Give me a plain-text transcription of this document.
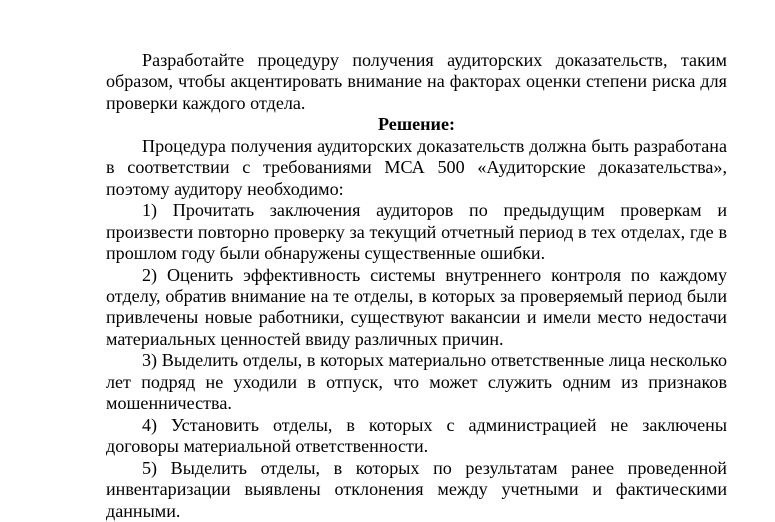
Разработайте процедуру получения аудиторских доказательств, таким образом, чтобы акцентировать внимание на факторах оценки степени риска для проверки каждого отдела.

Решение:

Процедура получения аудиторских доказательств должна быть разработана в соответствии с требованиями МСА 500 «Аудиторские доказательства», поэтому аудитору необходимо:

1) Прочитать заключения аудиторов по предыдущим проверкам и произвести повторно проверку за текущий отчетный период в тех отделах, где в прошлом году были обнаружены существенные ошибки.

2) Оценить эффективность системы внутреннего контроля по каждому отделу, обратив внимание на те отделы, в которых за проверяемый период были привлечены новые работники, существуют вакансии и имели место недостачи материальных ценностей ввиду различных причин.

3) Выделить отделы, в которых материально ответственные лица несколько лет подряд не уходили в отпуск, что может служить одним из признаков мошенничества.

4) Установить отделы, в которых с администрацией не заключены договоры материальной ответственности.

5) Выделить отделы, в которых по результатам ранее проведенной инвентаризации выявлены отклонения между учетными и фактическими данными.
